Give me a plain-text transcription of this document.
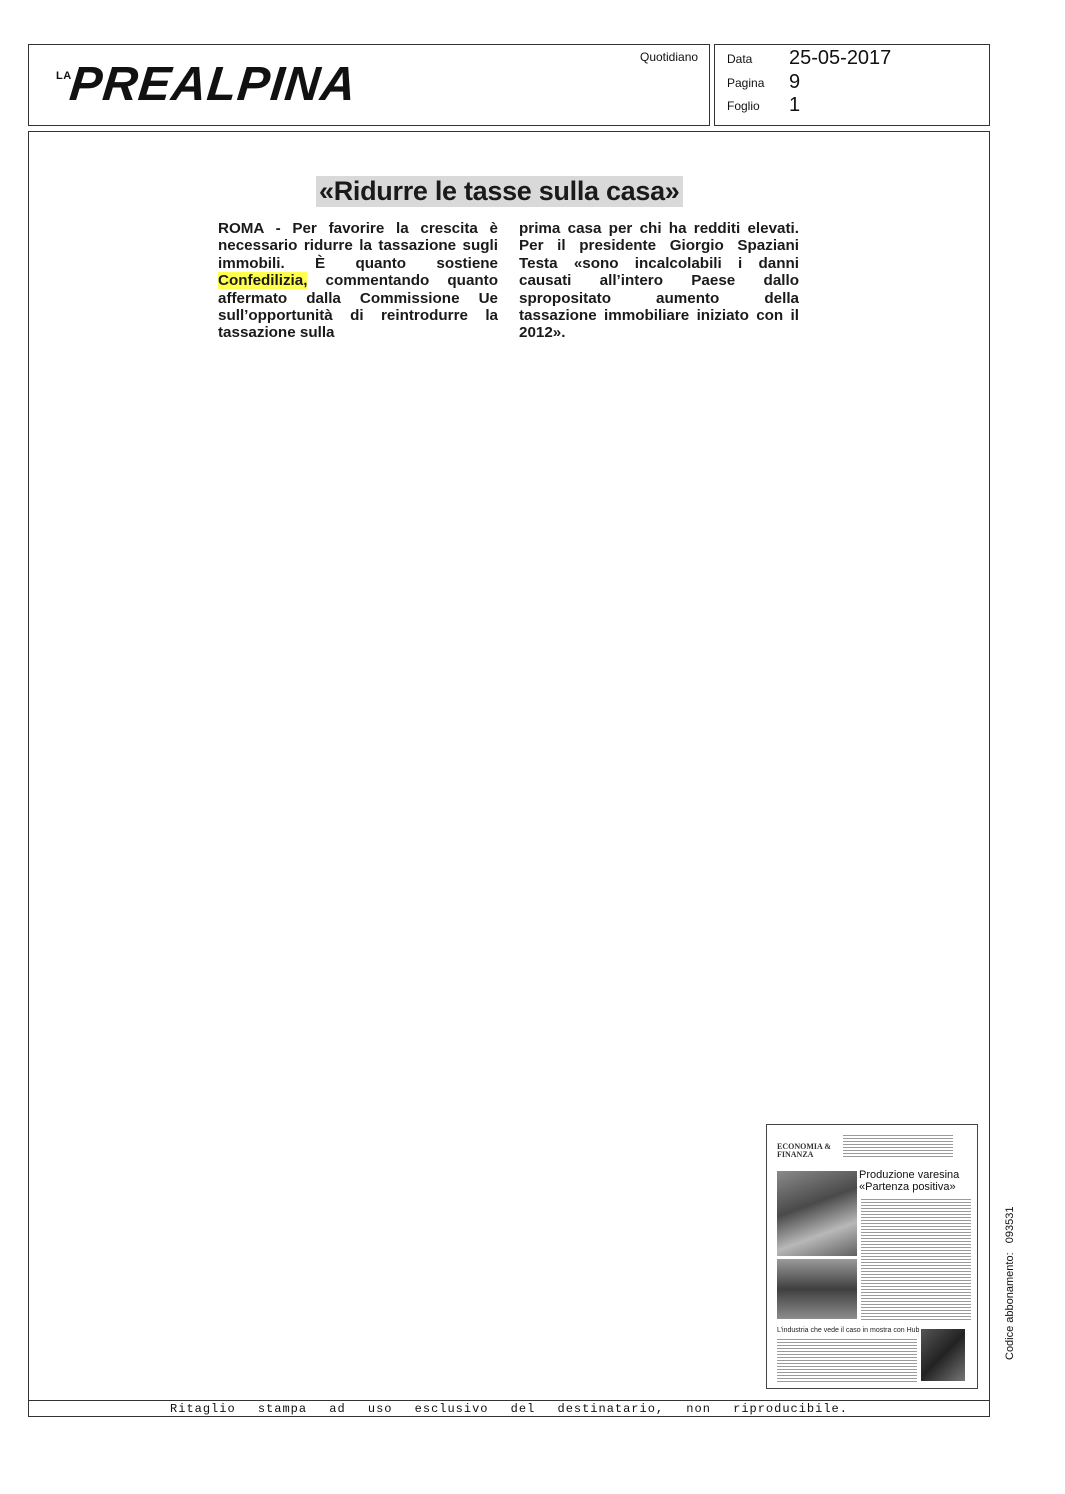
LA
PREALPINA
Quotidiano Data 25-05-2017
Pagina 9
Foglio 1
«Ridurre le tasse sulla casa»
ROMA - Per favorire la crescita è necessario ridurre la tassazione sugli immobili. È quanto sostiene Confedilizia, commentando quanto affermato dalla Commissione Ue sull’opportunità di reintrodurre la tassazione sulla
prima casa per chi ha redditi elevati. Per il presidente Giorgio Spaziani Testa «sono incalcolabili i danni causati all’intero Paese dallo spropositato aumento della tassazione immobiliare iniziato con il 2012».
ECONOMIA &
FINANZA
Produzione varesina
«Partenza positiva»
L’industria che vede il caso in mostra con Hub
Ritaglio stampa ad uso esclusivo del destinatario, non riproducibile.
Codice abbonamento:   093531
